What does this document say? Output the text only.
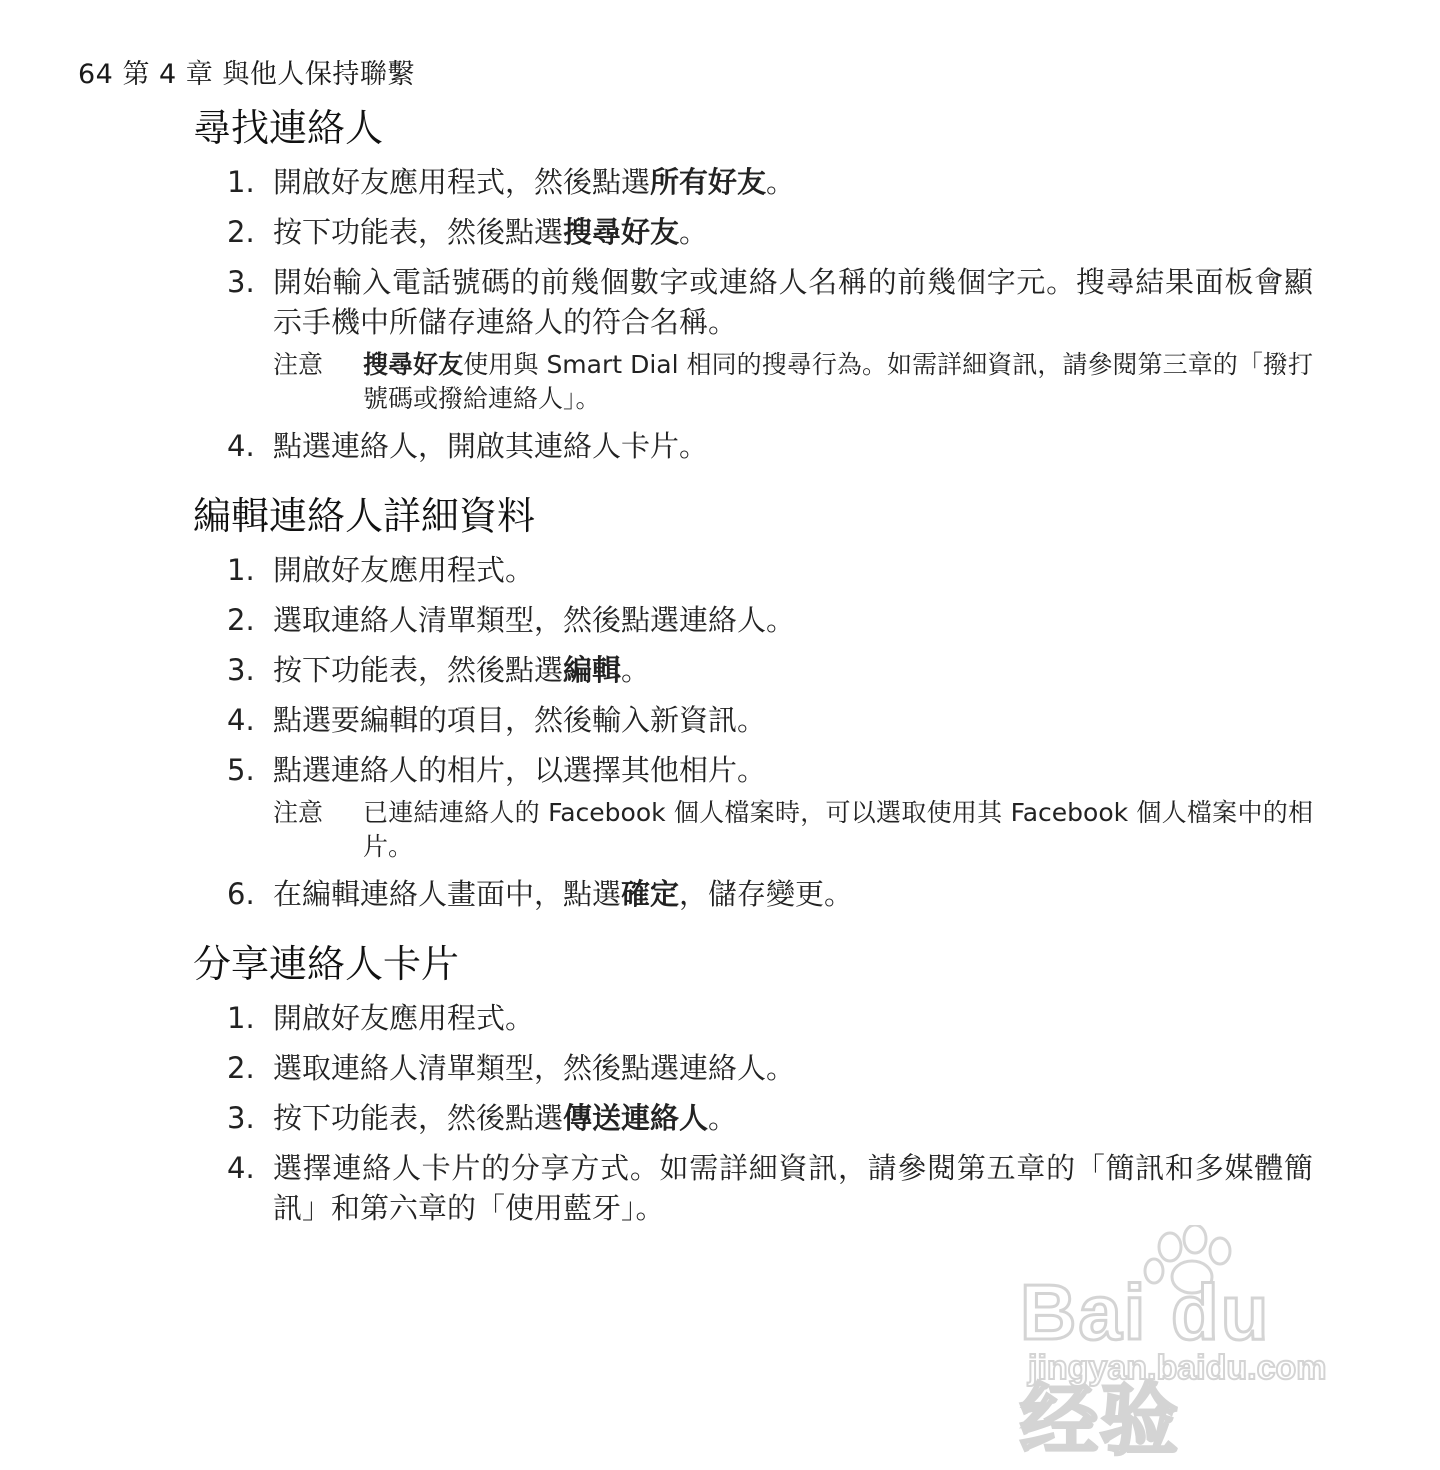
64 第 4 章 與他人保持聯繫
尋找連絡人
1. 開啟好友應用程式，然後點選所有好友。
2. 按下功能表，然後點選搜尋好友。
3. 開始輸入電話號碼的前幾個數字或連絡人名稱的前幾個字元。搜尋結果面板會顯示手機中所儲存連絡人的符合名稱。
注意	搜尋好友使用與 Smart Dial 相同的搜尋行為。如需詳細資訊，請參閱第三章的「撥打號碼或撥給連絡人」。
4. 點選連絡人，開啟其連絡人卡片。
編輯連絡人詳細資料
1. 開啟好友應用程式。
2. 選取連絡人清單類型，然後點選連絡人。
3. 按下功能表，然後點選編輯。
4. 點選要編輯的項目，然後輸入新資訊。
5. 點選連絡人的相片，以選擇其他相片。
注意	已連結連絡人的 Facebook 個人檔案時，可以選取使用其 Facebook 個人檔案中的相片。
6. 在編輯連絡人畫面中，點選確定，儲存變更。
分享連絡人卡片
1. 開啟好友應用程式。
2. 選取連絡人清單類型，然後點選連絡人。
3. 按下功能表，然後點選傳送連絡人。
4. 選擇連絡人卡片的分享方式。如需詳細資訊，請參閱第五章的「簡訊和多媒體簡訊」和第六章的「使用藍牙」。
Bai du 经验
jingyan.baidu.com
